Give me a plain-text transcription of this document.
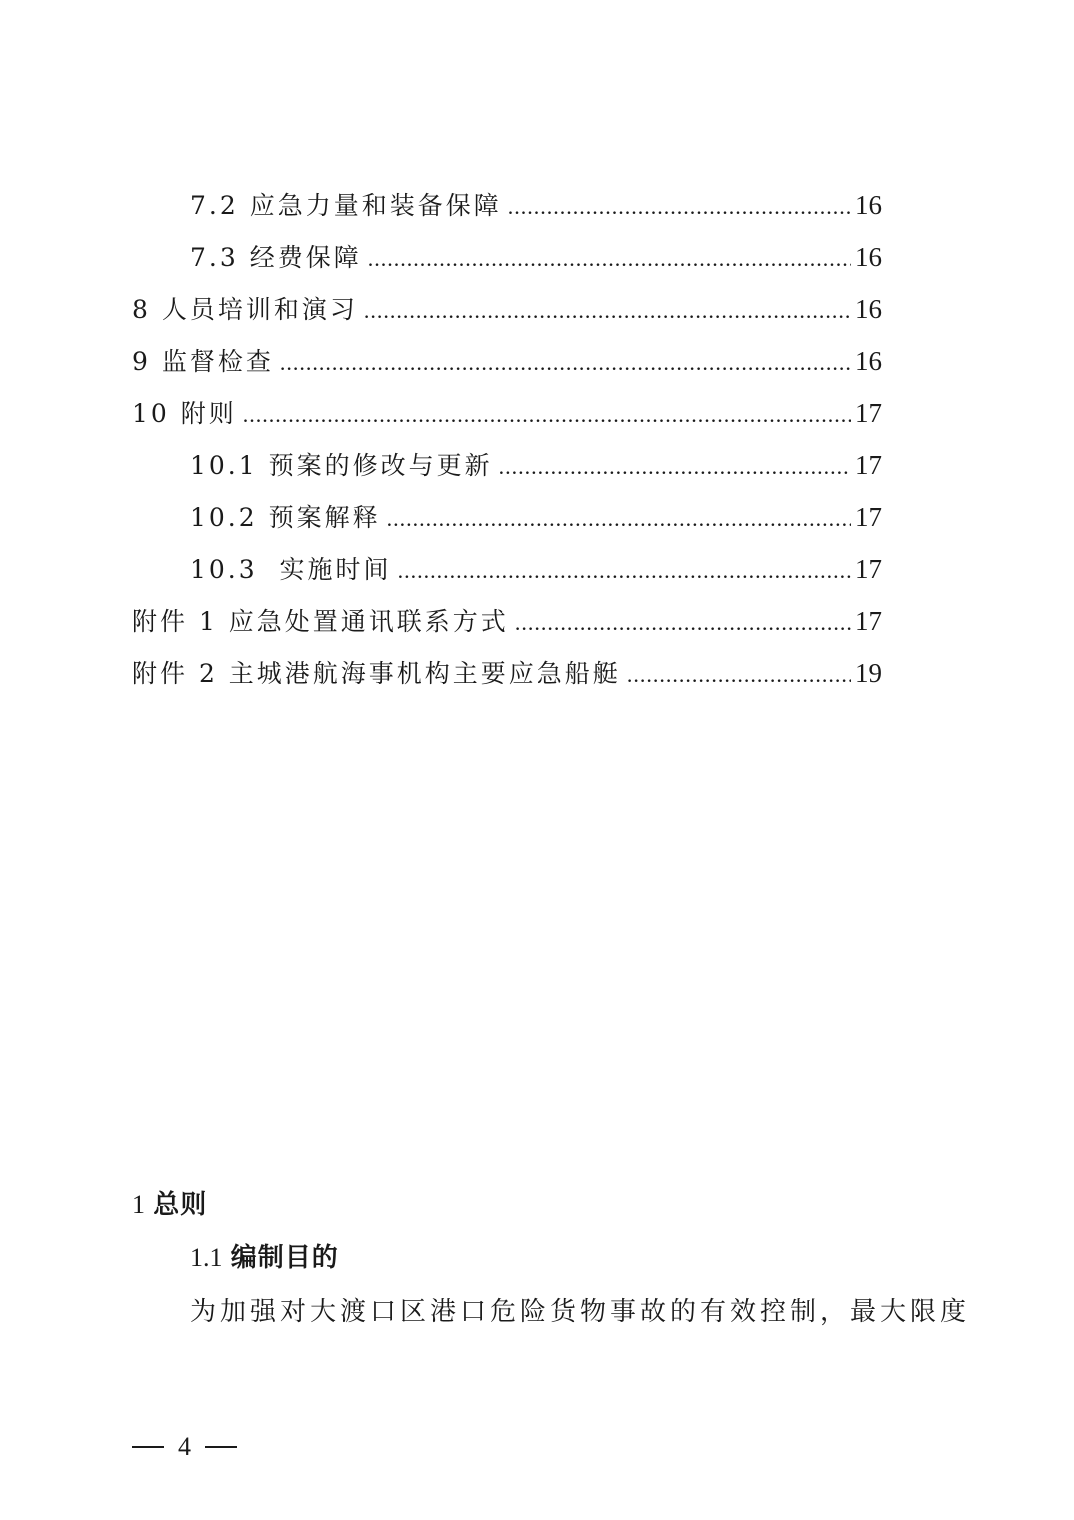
7.2 应急力量和装备保障 .....	16
7.3 经费保障 .....	16
8 人员培训和演习 .....	16
9 监督检查 .....	16
10 附则 .....	17
10.1 预案的修改与更新 .....	17
10.2 预案解释 .....	17
10.3  实施时间 .....	17
附件 1 应急处置通讯联系方式 .....	17
附件 2 主城港航海事机构主要应急船艇 .....	19
1 总则
1.1 编制目的
为加强对大渡口区港口危险货物事故的有效控制，最大限度
4
